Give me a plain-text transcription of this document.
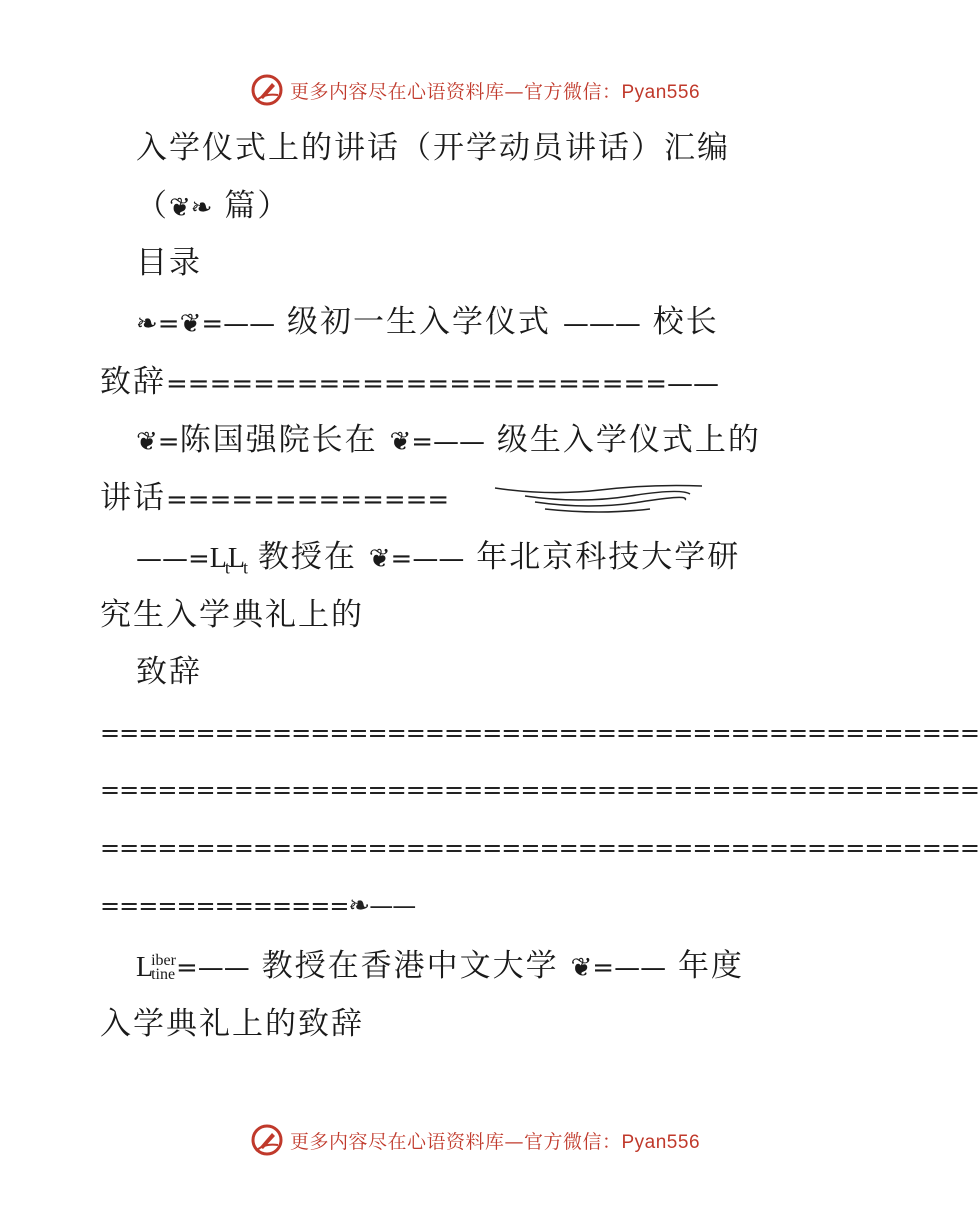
更多内容尽在心语资料库—官方微信：Pyan556
入学仪式上的讲话（开学动员讲话）汇编
（❦❧ 篇）
目录
❧=❦=—— 级初一生入学仪式 ——— 校长
致辞=======================——
❦=陈国强院长在 ❦=—— 级生入学仪式上的
讲话=============
$——=L_tL_t$ 教授在 ❦=—— 年北京科技大学研
究生入学典礼上的
致辞
==============================================
==============================================
==============================================
=============❧——
Liber
tine=—— 教授在香港中文大学 ❦=—— 年度
入学典礼上的致辞
更多内容尽在心语资料库—官方微信：Pyan556
